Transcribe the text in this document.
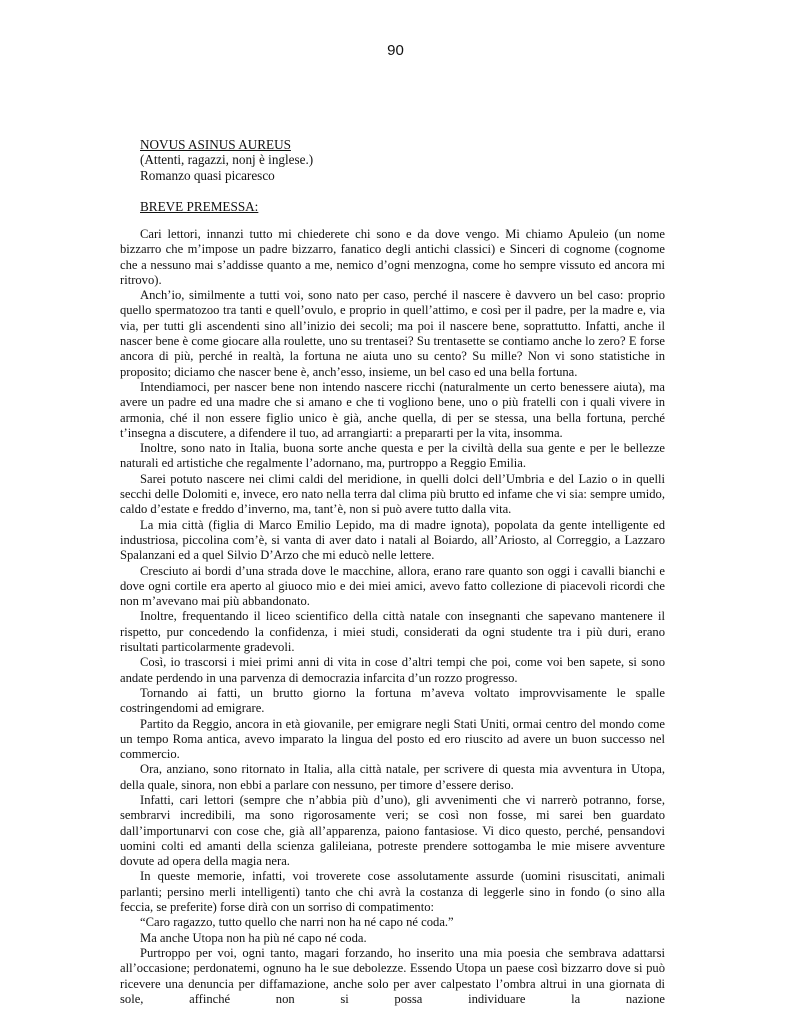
90
NOVUS ASINUS AUREUS
(Attenti, ragazzi, nonj è inglese.)
Romanzo quasi picaresco
BREVE PREMESSA:

Cari lettori, innanzi tutto mi chiederete chi sono e da dove vengo. Mi chiamo Apuleio (un nome bizzarro che m’impose un padre bizzarro, fanatico degli antichi classici) e Sinceri di cognome (cognome che a nessuno mai s’addisse quanto a me, nemico d’ogni menzogna, come ho sempre vissuto ed ancora mi ritrovo).

Anch’io, similmente a tutti voi, sono nato per caso, perché il nascere è davvero un bel caso: proprio quello spermatozoo tra tanti e quell’ovulo, e proprio in quell’attimo, e così per il padre, per la madre e, via via, per tutti gli ascendenti sino all’inizio dei secoli; ma poi il nascere bene, soprattutto. Infatti, anche il nascer bene è come giocare alla roulette, uno su trentasei? Su trentasette se contiamo anche lo zero? E forse ancora di più, perché in realtà, la fortuna ne aiuta uno su cento? Su mille? Non vi sono statistiche in proposito; diciamo che nascer bene è, anch’esso, insieme, un bel caso ed una bella fortuna.

Intendiamoci, per nascer bene non intendo nascere ricchi (naturalmente un certo benessere aiuta), ma avere un padre ed una madre che si amano e che ti vogliono bene, uno o più fratelli con i quali vivere in armonia, ché il non essere figlio unico è già, anche quella, di per se stessa, una bella fortuna, perché t’insegna a discutere, a difendere il tuo, ad arrangiarti: a prepararti per la vita, insomma.

Inoltre, sono nato in Italia, buona sorte anche questa e per la civiltà della sua gente e per le bellezze naturali ed artistiche che regalmente l’adornano, ma, purtroppo a Reggio Emilia.

Sarei potuto nascere nei climi caldi del meridione, in quelli dolci dell’Umbria e del Lazio o in quelli secchi delle Dolomiti e, invece, ero nato nella terra dal clima più brutto ed infame che vi sia: sempre umido, caldo d’estate e freddo d’inverno, ma, tant’è, non si può avere tutto dalla vita.

La mia città (figlia di Marco Emilio Lepido, ma di madre ignota), popolata da gente intelligente ed industriosa, piccolina com’è, si vanta di aver dato i natali al Boiardo, all’Ariosto, al Correggio, a Lazzaro Spalanzani ed a quel Silvio D’Arzo che mi educò nelle lettere.

Cresciuto ai bordi d’una strada dove le macchine, allora, erano rare quanto son oggi i cavalli bianchi e dove ogni cortile era aperto al giuoco mio e dei miei amici, avevo fatto collezione di piacevoli ricordi che non m’avevano mai più abbandonato.

Inoltre, frequentando il liceo scientifico della città natale con insegnanti che sapevano mantenere il rispetto, pur concedendo la confidenza, i miei studi, considerati da ogni studente tra i più duri, erano risultati particolarmente gradevoli.

Così, io trascorsi i miei primi anni di vita in cose d’altri tempi che poi, come voi ben sapete, si sono andate perdendo in una parvenza di democrazia infarcita d’un rozzo progresso.

Tornando ai fatti, un brutto giorno la fortuna m’aveva voltato improvvisamente le spalle costringendomi ad emigrare.

Partito da Reggio, ancora in età giovanile, per emigrare negli Stati Uniti, ormai centro del mondo come un tempo Roma antica, avevo imparato la lingua del posto ed ero riuscito ad avere un buon successo nel commercio.

Ora, anziano, sono ritornato in Italia, alla città natale, per scrivere di questa mia avventura in Utopa, della quale, sinora, non ebbi a parlare con nessuno, per timore d’essere deriso.

Infatti, cari lettori (sempre che n’abbia più d’uno), gli avvenimenti che vi narrerò potranno, forse, sembrarvi incredibili, ma sono rigorosamente veri; se così non fosse, mi sarei ben guardato dall’importunarvi con cose che, già all’apparenza, paiono fantasiose. Vi dico questo, perché, pensandovi uomini colti ed amanti della scienza galileiana, potreste prendere sottogamba le mie misere avventure dovute ad opera della magia nera.

In queste memorie, infatti, voi troverete cose assolutamente assurde (uomini risuscitati, animali parlanti; persino merli intelligenti) tanto che chi avrà la costanza di leggerle sino in fondo (o sino alla feccia, se preferite) forse dirà con un sorriso di compatimento:

“Caro ragazzo, tutto quello che narri non ha né capo né coda.”

Ma anche Utopa non ha più né capo né coda.

Purtroppo per voi, ogni tanto, magari forzando, ho inserito una mia poesia che sembrava adattarsi all’occasione; perdonatemi, ognuno ha le sue debolezze. Essendo Utopa un paese così bizzarro dove si può ricevere una denuncia per diffamazione, anche solo per aver calpestato l’ombra altrui in una giornata di sole, affinché non si possa individuare la nazione
